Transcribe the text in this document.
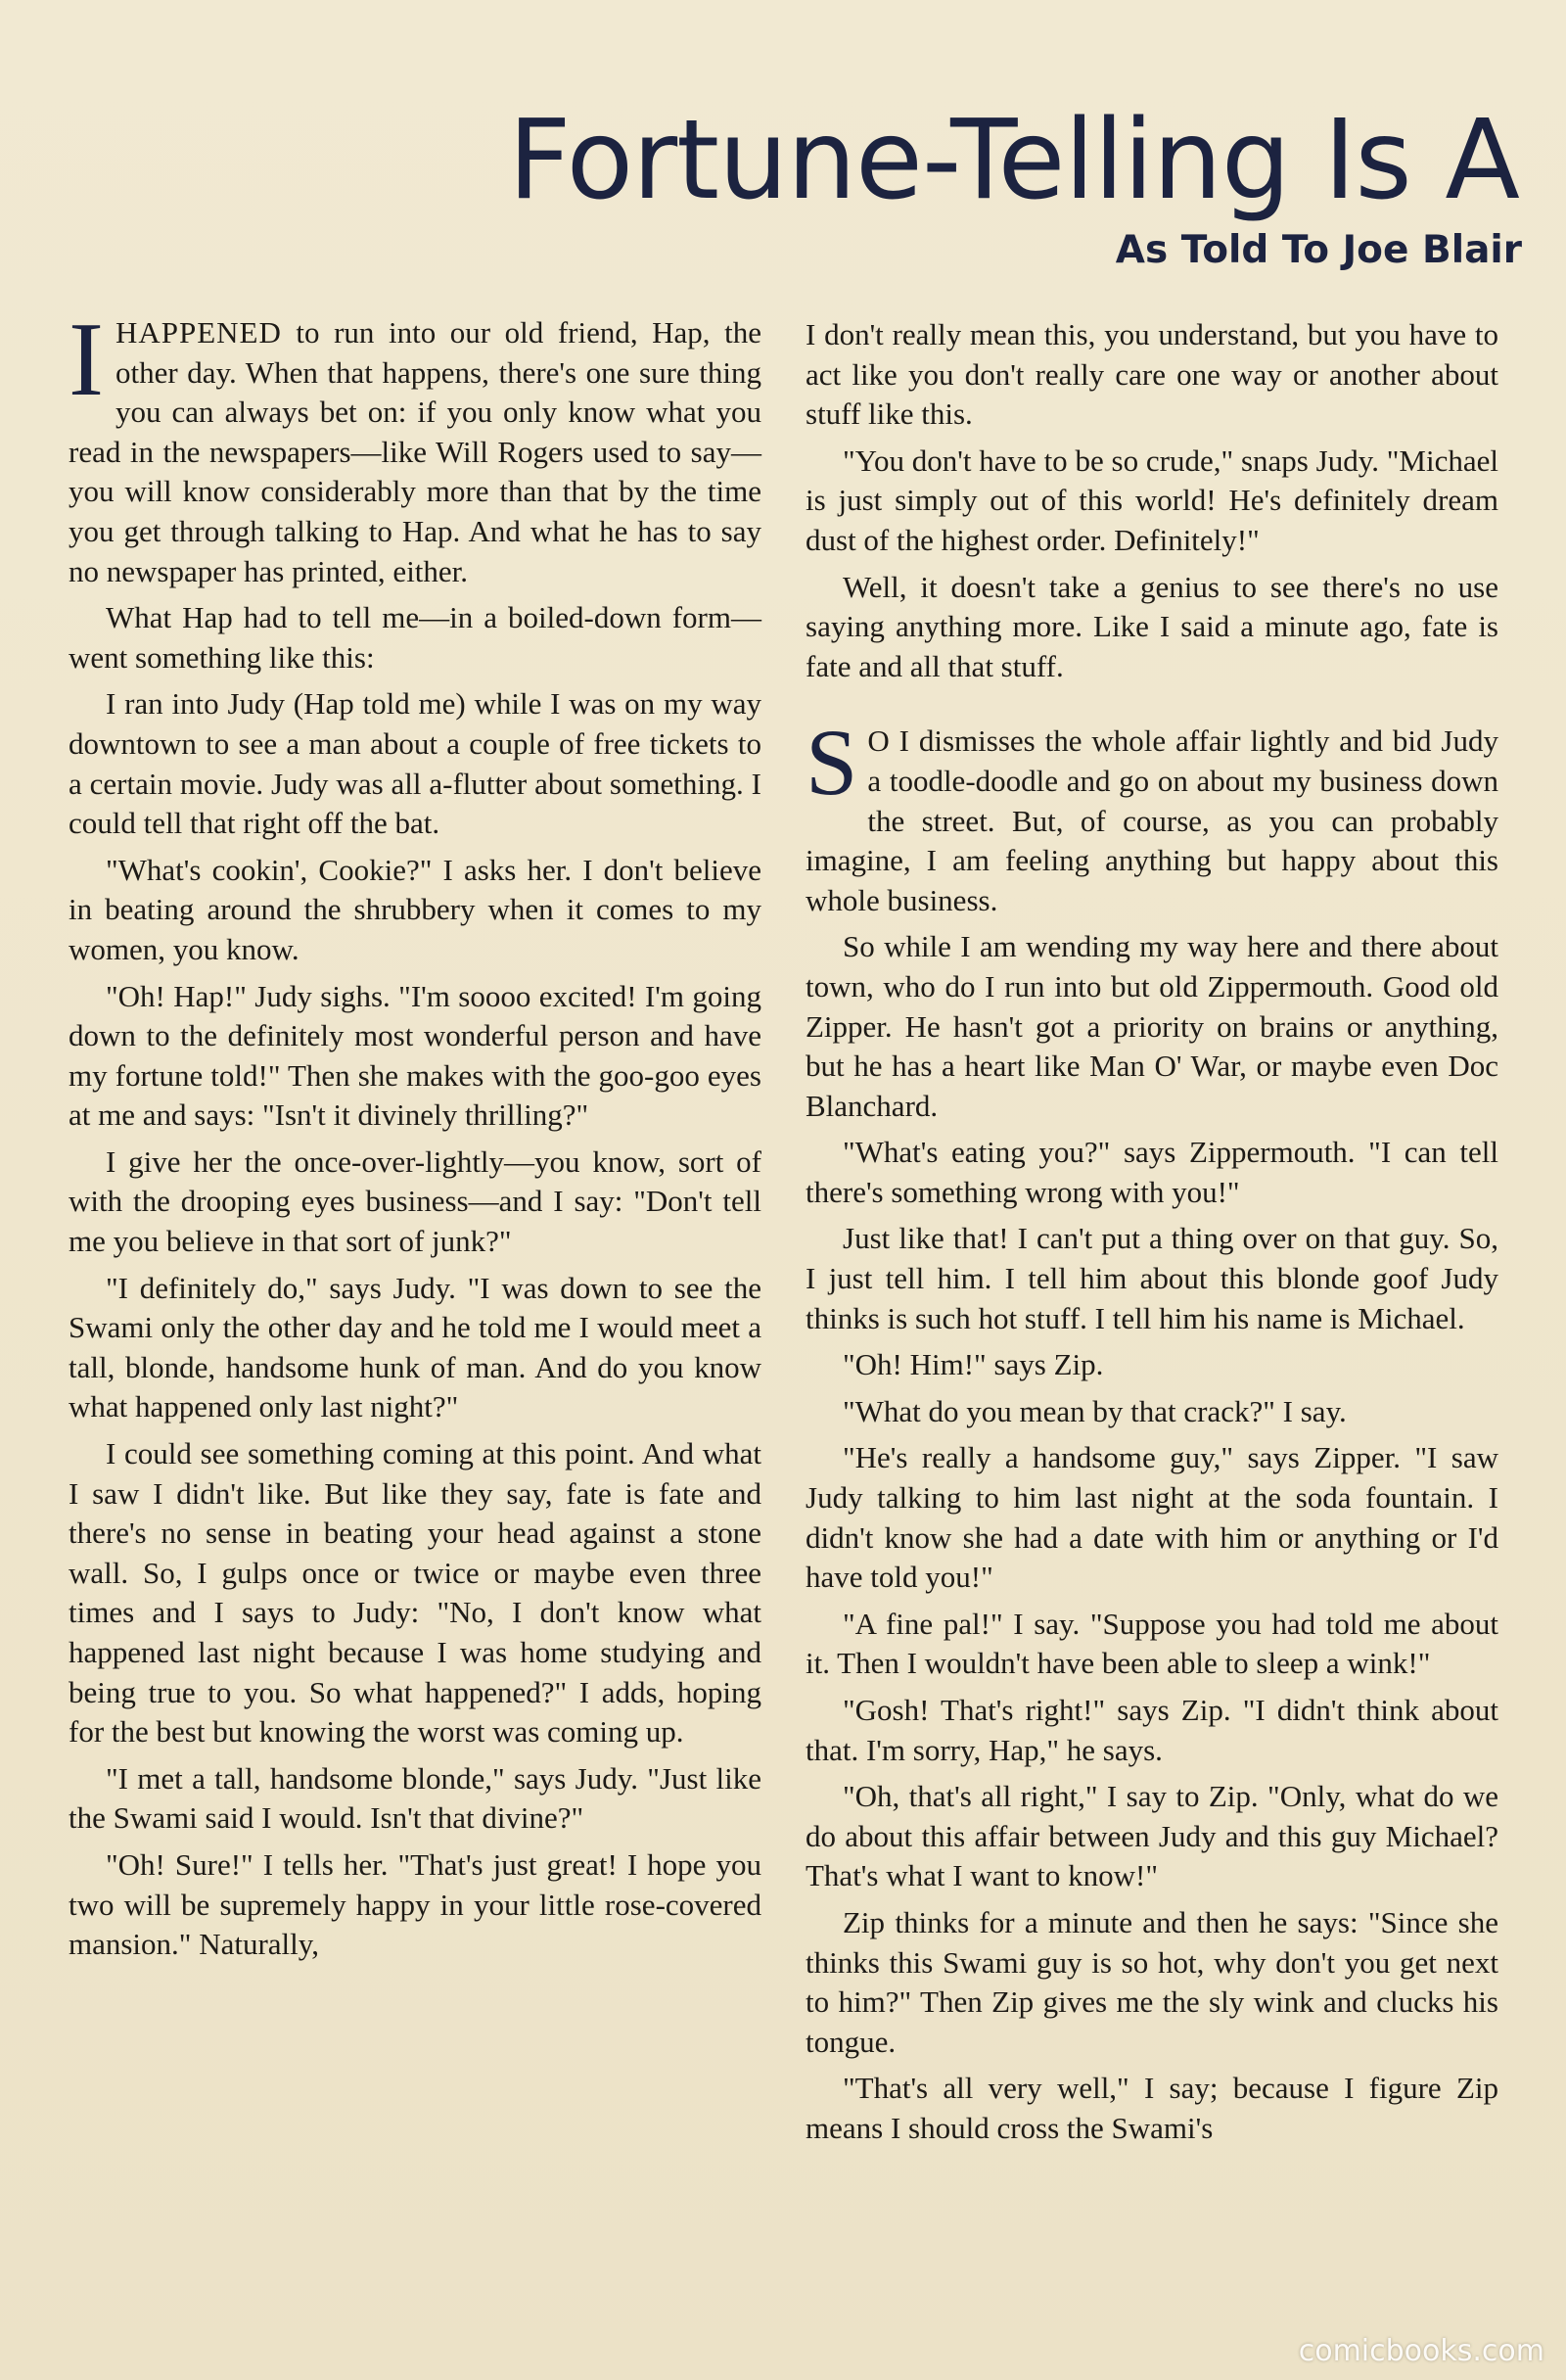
Fortune-Telling Is A
As Told To Joe Blair

IHAPPENED to run into our old friend, Hap, the other day. When that happens, there's one sure thing you can always bet on: if you only know what you read in the newspapers—like Will Rogers used to say—you will know considerably more than that by the time you get through talking to Hap. And what he has to say no newspaper has printed, either.

What Hap had to tell me—in a boiled-down form—went something like this:

I ran into Judy (Hap told me) while I was on my way downtown to see a man about a couple of free tickets to a certain movie. Judy was all a-flutter about something. I could tell that right off the bat.

"What's cookin', Cookie?" I asks her. I don't believe in beating around the shrubbery when it comes to my women, you know.

"Oh! Hap!" Judy sighs. "I'm soooo excited! I'm going down to the definitely most wonderful person and have my fortune told!" Then she makes with the goo-goo eyes at me and says: "Isn't it divinely thrilling?"

I give her the once-over-lightly—you know, sort of with the drooping eyes business—and I say: "Don't tell me you believe in that sort of junk?"

"I definitely do," says Judy. "I was down to see the Swami only the other day and he told me I would meet a tall, blonde, handsome hunk of man. And do you know what happened only last night?"

I could see something coming at this point. And what I saw I didn't like. But like they say, fate is fate and there's no sense in beating your head against a stone wall. So, I gulps once or twice or maybe even three times and I says to Judy: "No, I don't know what happened last night because I was home studying and being true to you. So what happened?" I adds, hoping for the best but knowing the worst was coming up.

"I met a tall, handsome blonde," says Judy. "Just like the Swami said I would. Isn't that divine?"

"Oh! Sure!" I tells her. "That's just great! I hope you two will be supremely happy in your little rose-covered mansion." Naturally,

I don't really mean this, you understand, but you have to act like you don't really care one way or another about stuff like this.

"You don't have to be so crude," snaps Judy. "Michael is just simply out of this world! He's definitely dream dust of the highest order. Definitely!"

Well, it doesn't take a genius to see there's no use saying anything more. Like I said a minute ago, fate is fate and all that stuff.

S O I dismisses the whole affair lightly and bid Judy a toodle-doodle and go on about my business down the street. But, of course, as you can probably imagine, I am feeling anything but happy about this whole business.

So while I am wending my way here and there about town, who do I run into but old Zippermouth. Good old Zipper. He hasn't got a priority on brains or anything, but he has a heart like Man O' War, or maybe even Doc Blanchard.

"What's eating you?" says Zippermouth. "I can tell there's something wrong with you!"

Just like that! I can't put a thing over on that guy. So, I just tell him. I tell him about this blonde goof Judy thinks is such hot stuff. I tell him his name is Michael.

"Oh! Him!" says Zip.

"What do you mean by that crack?" I say.

"He's really a handsome guy," says Zipper. "I saw Judy talking to him last night at the soda fountain. I didn't know she had a date with him or anything or I'd have told you!"

"A fine pal!" I say. "Suppose you had told me about it. Then I wouldn't have been able to sleep a wink!"

"Gosh! That's right!" says Zip. "I didn't think about that. I'm sorry, Hap," he says.

"Oh, that's all right," I say to Zip. "Only, what do we do about this affair between Judy and this guy Michael? That's what I want to know!"

Zip thinks for a minute and then he says: "Since she thinks this Swami guy is so hot, why don't you get next to him?" Then Zip gives me the sly wink and clucks his tongue.

"That's all very well," I say; because I figure Zip means I should cross the Swami's

comicbooks.com
